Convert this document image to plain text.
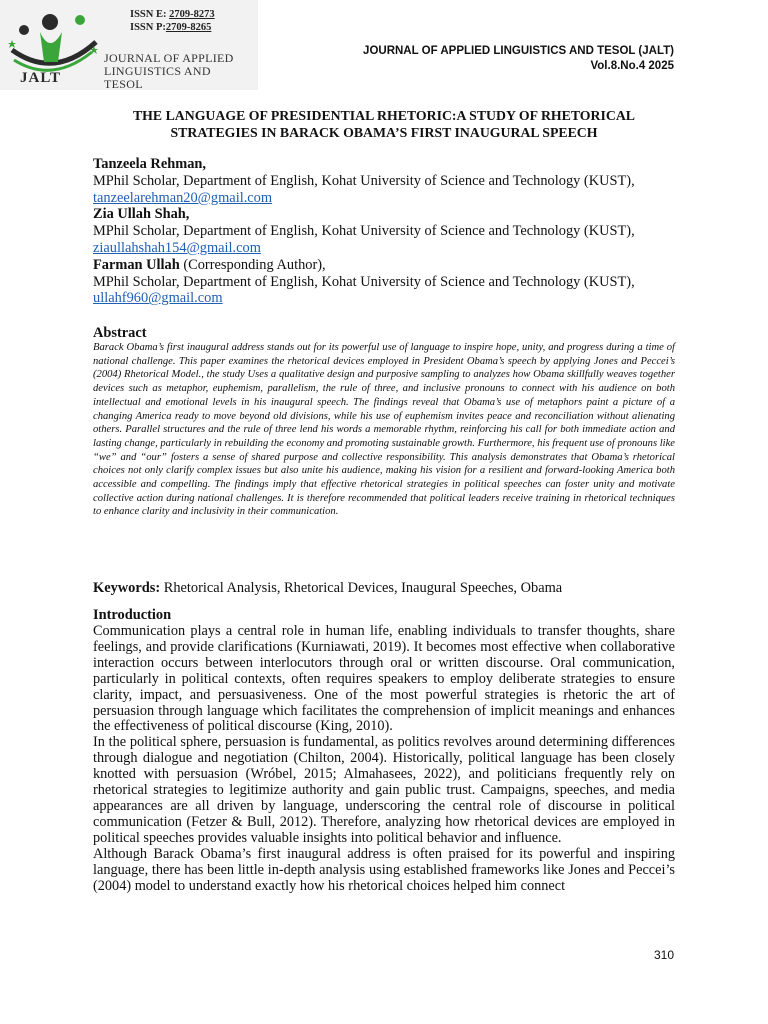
JALT
ISSN E: 2709-8273
ISSN P:2709-8265
JOURNAL OF APPLIED
LINGUISTICS AND
TESOL
JOURNAL OF APPLIED LINGUISTICS AND TESOL (JALT)
Vol.8.No.4 2025
THE LANGUAGE OF PRESIDENTIAL RHETORIC:A STUDY OF RHETORICAL
STRATEGIES IN BARACK OBAMA’S FIRST INAUGURAL SPEECH
Tanzeela Rehman,
MPhil Scholar, Department of English, Kohat University of Science and Technology (KUST),
tanzeelarehman20@gmail.com
Zia Ullah Shah,
MPhil Scholar, Department of English, Kohat University of Science and Technology (KUST),
ziaullahshah154@gmail.com
Farman Ullah (Corresponding Author),
MPhil Scholar, Department of English, Kohat University of Science and Technology (KUST),
ullahf960@gmail.com
Abstract
Barack Obama’s first inaugural address stands out for its powerful use of language to inspire hope, unity, and progress during a time of national challenge. This paper examines the rhetorical devices employed in President Obama’s speech by applying Jones and Peccei’s (2004) Rhetorical Model., the study Uses a qualitative design and purposive sampling to analyzes how Obama skillfully weaves together devices such as metaphor, euphemism, parallelism, the rule of three, and inclusive pronouns to connect with his audience on both intellectual and emotional levels in his inaugural speech. The findings reveal that Obama’s use of metaphors paint a picture of a changing America ready to move beyond old divisions, while his use of euphemism invites peace and reconciliation without alienating others. Parallel structures and the rule of three lend his words a memorable rhythm, reinforcing his call for both immediate action and lasting change, particularly in rebuilding the economy and promoting sustainable growth. Furthermore, his frequent use of pronouns like “we” and “our” fosters a sense of shared purpose and collective responsibility. This analysis demonstrates that Obama’s rhetorical choices not only clarify complex issues but also unite his audience, making his vision for a resilient and forward-looking America both accessible and compelling. The findings imply that effective rhetorical strategies in political speeches can foster unity and motivate collective action during national challenges. It is therefore recommended that political leaders receive training in rhetorical techniques to enhance clarity and inclusivity in their communication.
Keywords: Rhetorical Analysis, Rhetorical Devices, Inaugural Speeches, Obama
Introduction

Communication plays a central role in human life, enabling individuals to transfer thoughts, share feelings, and provide clarifications (Kurniawati, 2019). It becomes most effective when collaborative interaction occurs between interlocutors through oral or written discourse. Oral communication, particularly in political contexts, often requires speakers to employ deliberate strategies to ensure clarity, impact, and persuasiveness. One of the most powerful strategies is rhetoric the art of persuasion through language which facilitates the comprehension of implicit meanings and enhances the effectiveness of political discourse (King, 2010).

In the political sphere, persuasion is fundamental, as politics revolves around determining differences through dialogue and negotiation (Chilton, 2004). Historically, political language has been closely knotted with persuasion (Wróbel, 2015; Almahasees, 2022), and politicians frequently rely on rhetorical strategies to legitimize authority and gain public trust. Campaigns, speeches, and media appearances are all driven by language, underscoring the central role of discourse in political communication (Fetzer & Bull, 2012). Therefore, analyzing how rhetorical devices are employed in political speeches provides valuable insights into political behavior and influence.

Although Barack Obama’s first inaugural address is often praised for its powerful and inspiring language, there has been little in-depth analysis using established frameworks like Jones and Peccei’s (2004) model to understand exactly how his rhetorical choices helped him connect

310
